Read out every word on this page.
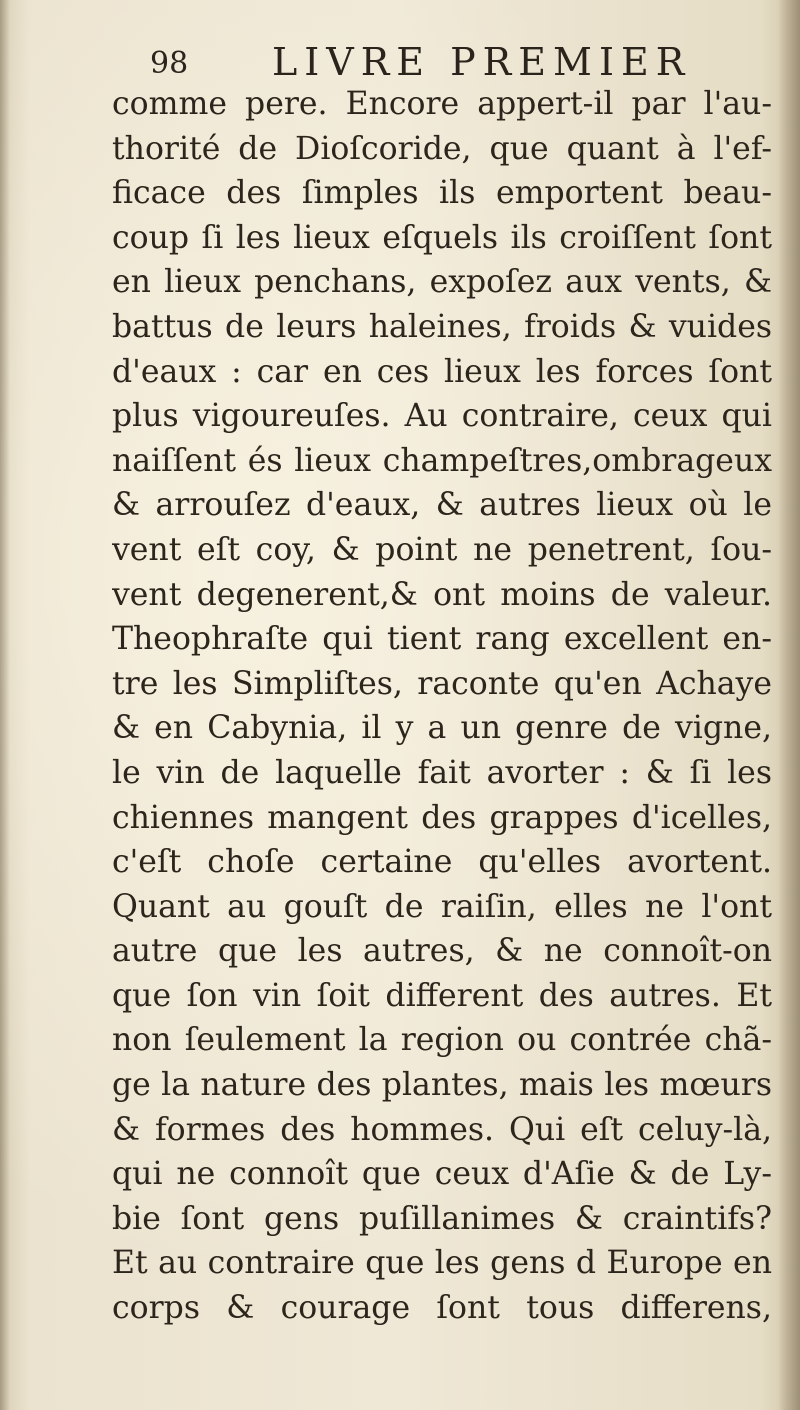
98 LIVRE PREMIER
comme pere. Encore appert-il par l'au-
thorité de Dioſcoride, que quant à l'ef-
ficace des ſimples ils emportent beau-
coup ſi les lieux eſquels ils croiſſent ſont
en lieux penchans, expoſez aux vents, &
battus de leurs haleines, froids & vuides
d'eaux : car en ces lieux les forces ſont
plus vigoureuſes. Au contraire, ceux qui
naiſſent és lieux champeſtres,ombrageux
& arrouſez d'eaux, & autres lieux où le
vent eſt coy, & point ne penetrent, ſou-
vent degenerent,& ont moins de valeur.
Theophraſte qui tient rang excellent en-
tre les Simpliſtes, raconte qu'en Achaye
& en Cabynia, il y a un genre de vigne,
le vin de laquelle fait avorter : & ſi les
chiennes mangent des grappes d'icelles,
c'eſt choſe certaine qu'elles avortent.
Quant au gouſt de raiſin, elles ne l'ont
autre que les autres, & ne connoît-on
que ſon vin ſoit different des autres. Et
non ſeulement la region ou contrée chã-
ge la nature des plantes, mais les mœurs
& formes des hommes. Qui eſt celuy-là,
qui ne connoît que ceux d'Aſie & de Ly-
bie ſont gens puſillanimes & craintifs?
Et au contraire que les gens d Europe en
corps & courage ſont tous differens,
